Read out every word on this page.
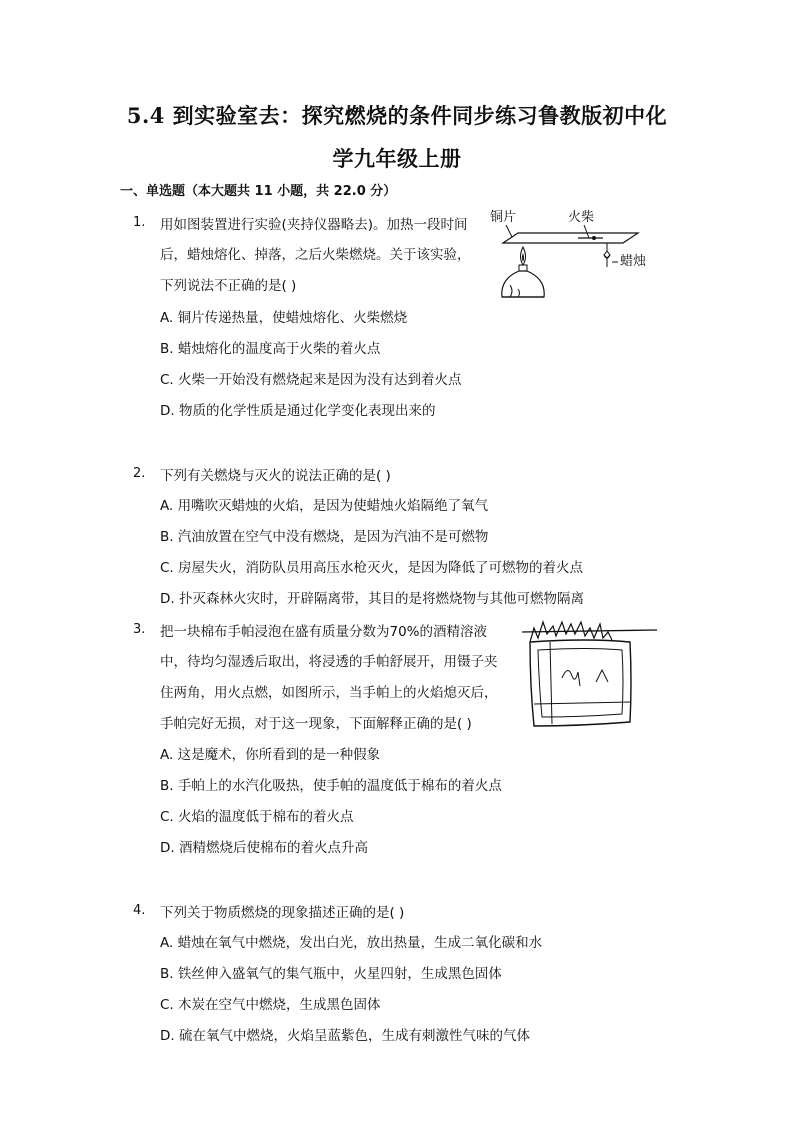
5.4 到实验室去：探究燃烧的条件同步练习鲁教版初中化
学九年级上册
一、单选题（本大题共 11 小题，共 22.0 分）
1. 用如图装置进行实验(夹持仪器略去)。加热一段时间
后，蜡烛熔化、掉落，之后火柴燃烧。关于该实验，
下列说法不正确的是( )
A. 铜片传递热量，使蜡烛熔化、火柴燃烧
B. 蜡烛熔化的温度高于火柴的着火点
C. 火柴一开始没有燃烧起来是因为没有达到着火点
D. 物质的化学性质是通过化学变化表现出来的
铜片	火柴
蜡烛
2. 下列有关燃烧与灭火的说法正确的是( )
A. 用嘴吹灭蜡烛的火焰，是因为使蜡烛火焰隔绝了氧气
B. 汽油放置在空气中没有燃烧，是因为汽油不是可燃物
C. 房屋失火，消防队员用高压水枪灭火，是因为降低了可燃物的着火点
D. 扑灭森林火灾时，开辟隔离带，其目的是将燃烧物与其他可燃物隔离
3. 把一块棉布手帕浸泡在盛有质量分数为70%的酒精溶液
中，待均匀湿透后取出，将浸透的手帕舒展开，用镊子夹
住两角，用火点燃，如图所示，当手帕上的火焰熄灭后，
手帕完好无损，对于这一现象，下面解释正确的是( )
A. 这是魔术，你所看到的是一种假象
B. 手帕上的水汽化吸热，使手帕的温度低于棉布的着火点
C. 火焰的温度低于棉布的着火点
D. 酒精燃烧后使棉布的着火点升高
4. 下列关于物质燃烧的现象描述正确的是( )
A. 蜡烛在氧气中燃烧，发出白光，放出热量，生成二氧化碳和水
B. 铁丝伸入盛氧气的集气瓶中，火星四射，生成黑色固体
C. 木炭在空气中燃烧，生成黑色固体
D. 硫在氧气中燃烧，火焰呈蓝紫色，生成有刺激性气味的气体
